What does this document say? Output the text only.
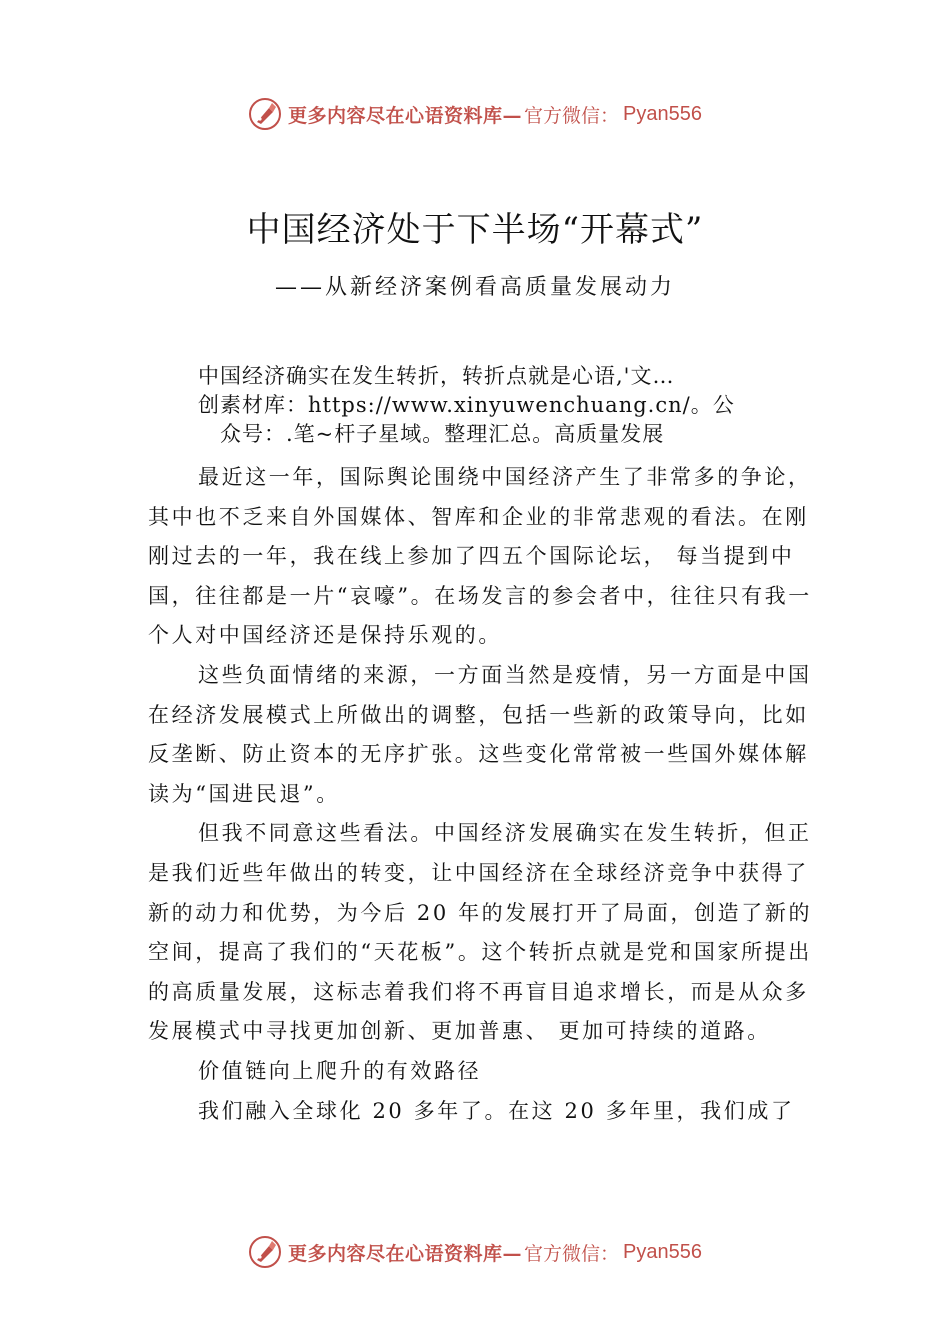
更多内容尽在心语资料库— 官方微信： Pyan556
中国经济处于下半场“开幕式”
——从新经济案例看高质量发展动力
中国经济确实在发生转折，转折点就是心语,'文…
创素材库：https://www.xinyuwenchuang.cn/。公
众号：.笔~杆子星域。整理汇总。高质量发展

最近这一年，国际舆论围绕中国经济产生了非常多的争论，其中也不乏来自外国媒体、智库和企业的非常悲观的看法。在刚刚过去的一年，我在线上参加了四五个国际论坛， 每当提到中国，往往都是一片“哀嚎”。在场发言的参会者中，往往只有我一个人对中国经济还是保持乐观的。

这些负面情绪的来源，一方面当然是疫情，另一方面是中国在经济发展模式上所做出的调整，包括一些新的政策导向，比如反垄断、防止资本的无序扩张。这些变化常常被一些国外媒体解读为“国进民退”。

但我不同意这些看法。中国经济发展确实在发生转折，但正是我们近些年做出的转变，让中国经济在全球经济竞争中获得了新的动力和优势，为今后 20 年的发展打开了局面，创造了新的空间，提高了我们的“天花板”。这个转折点就是党和国家所提出的高质量发展，这标志着我们将不再盲目追求增长，而是从众多发展模式中寻找更加创新、更加普惠、 更加可持续的道路。

价值链向上爬升的有效路径

我们融入全球化 20 多年了。在这 20 多年里，我们成了

更多内容尽在心语资料库— 官方微信： Pyan556
